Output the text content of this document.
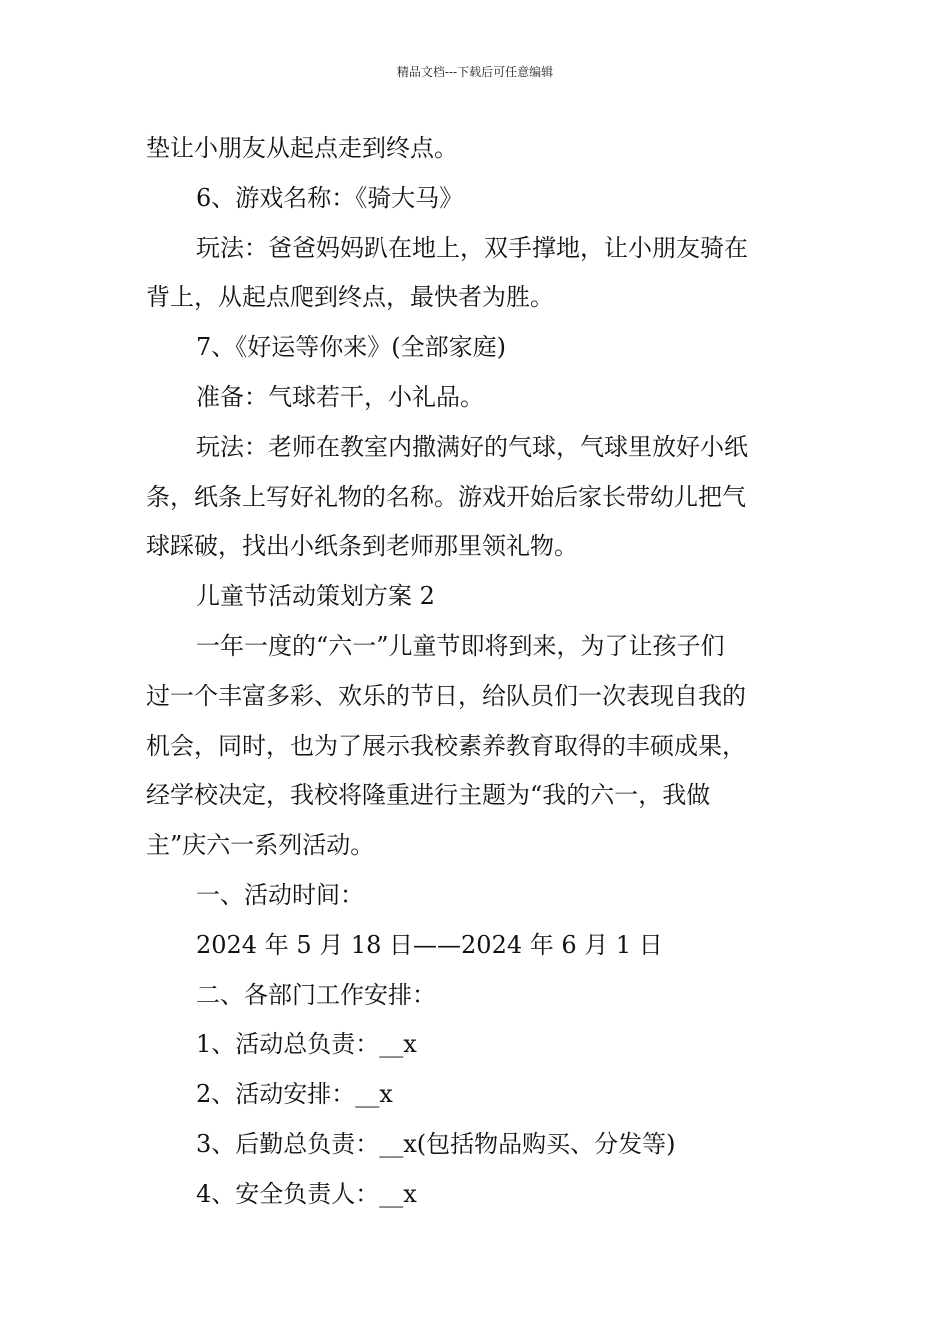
精品文档---下载后可任意编辑
垫让小朋友从起点走到终点。
6、游戏名称：《骑大马》
玩法：爸爸妈妈趴在地上，双手撑地，让小朋友骑在
背上，从起点爬到终点，最快者为胜。
7、《好运等你来》(全部家庭)
准备：气球若干，小礼品。
玩法：老师在教室内撒满好的气球，气球里放好小纸
条，纸条上写好礼物的名称。游戏开始后家长带幼儿把气
球踩破，找出小纸条到老师那里领礼物。
儿童节活动策划方案 2
一年一度的“六一”儿童节即将到来，为了让孩子们
过一个丰富多彩、欢乐的节日，给队员们一次表现自我的
机会，同时，也为了展示我校素养教育取得的丰硕成果，
经学校决定，我校将隆重进行主题为“我的六一，我做
主”庆六一系列活动。
一、活动时间：
2024 年 5 月 18 日——2024 年 6 月 1 日
二、各部门工作安排：
1、活动总负责：__x
2、活动安排：__x
3、后勤总负责：__x(包括物品购买、分发等)
4、安全负责人：__x
